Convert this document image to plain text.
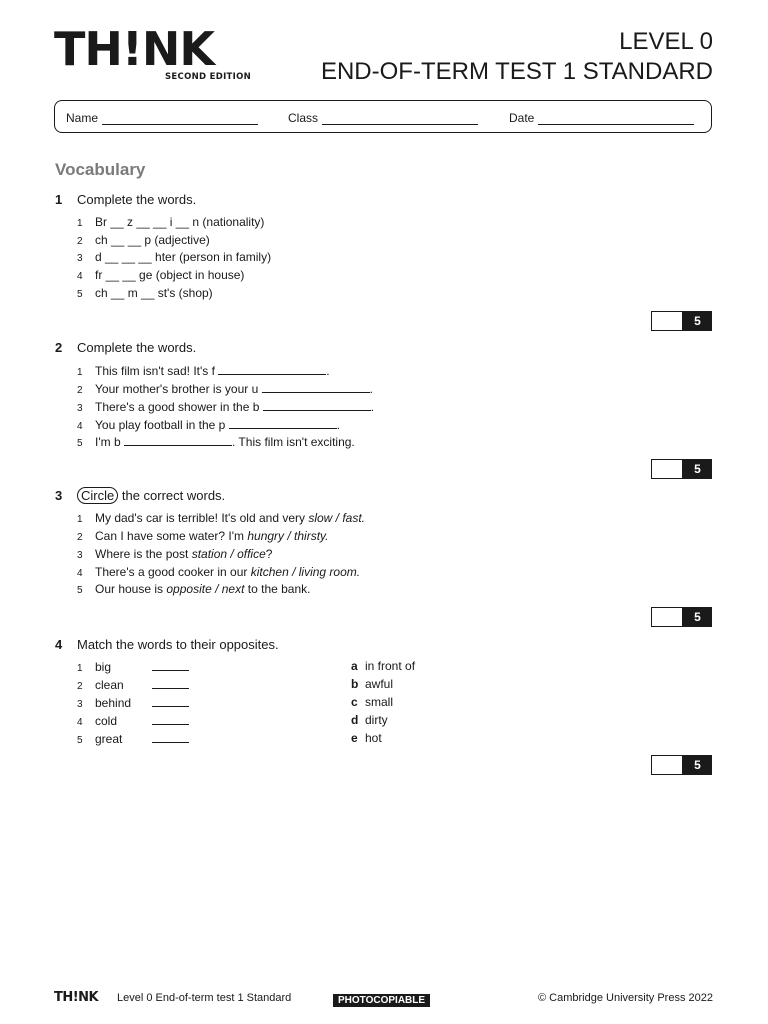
TH!NK
SECOND EDITION
LEVEL 0
END-OF-TERM TEST 1 STANDARD
Name	Class	Date
Vocabulary
1 Complete the words.
1 Br __ z __ __ i __ n (nationality)
2 ch __ __ p (adjective)
3 d __ __ __ hter (person in family)
4 fr __ __ ge (object in house)
5 ch __ m __ st's (shop)
5
2 Complete the words.
1 This film isn't sad! It's f	.
2 Your mother's brother is your u	.
3 There's a good shower in the b	.
4 You play football in the p	.
5 I'm b	. This film isn't exciting.
5
3 Circle the correct words.
1 My dad's car is terrible! It's old and very slow / fast.
2 Can I have some water? I'm hungry / thirsty.
3 Where is the post station / office?
4 There's a good cooker in our kitchen / living room.
5 Our house is opposite / next to the bank.
5
4 Match the words to their opposites.
1 big
2 clean
3 behind
4 cold
5 great
a in front of
b awful
c small
d dirty
e hot
5
TH!NK Level 0 End-of-term test 1 Standard	PHOTOCOPIABLE	© Cambridge University Press 2022
